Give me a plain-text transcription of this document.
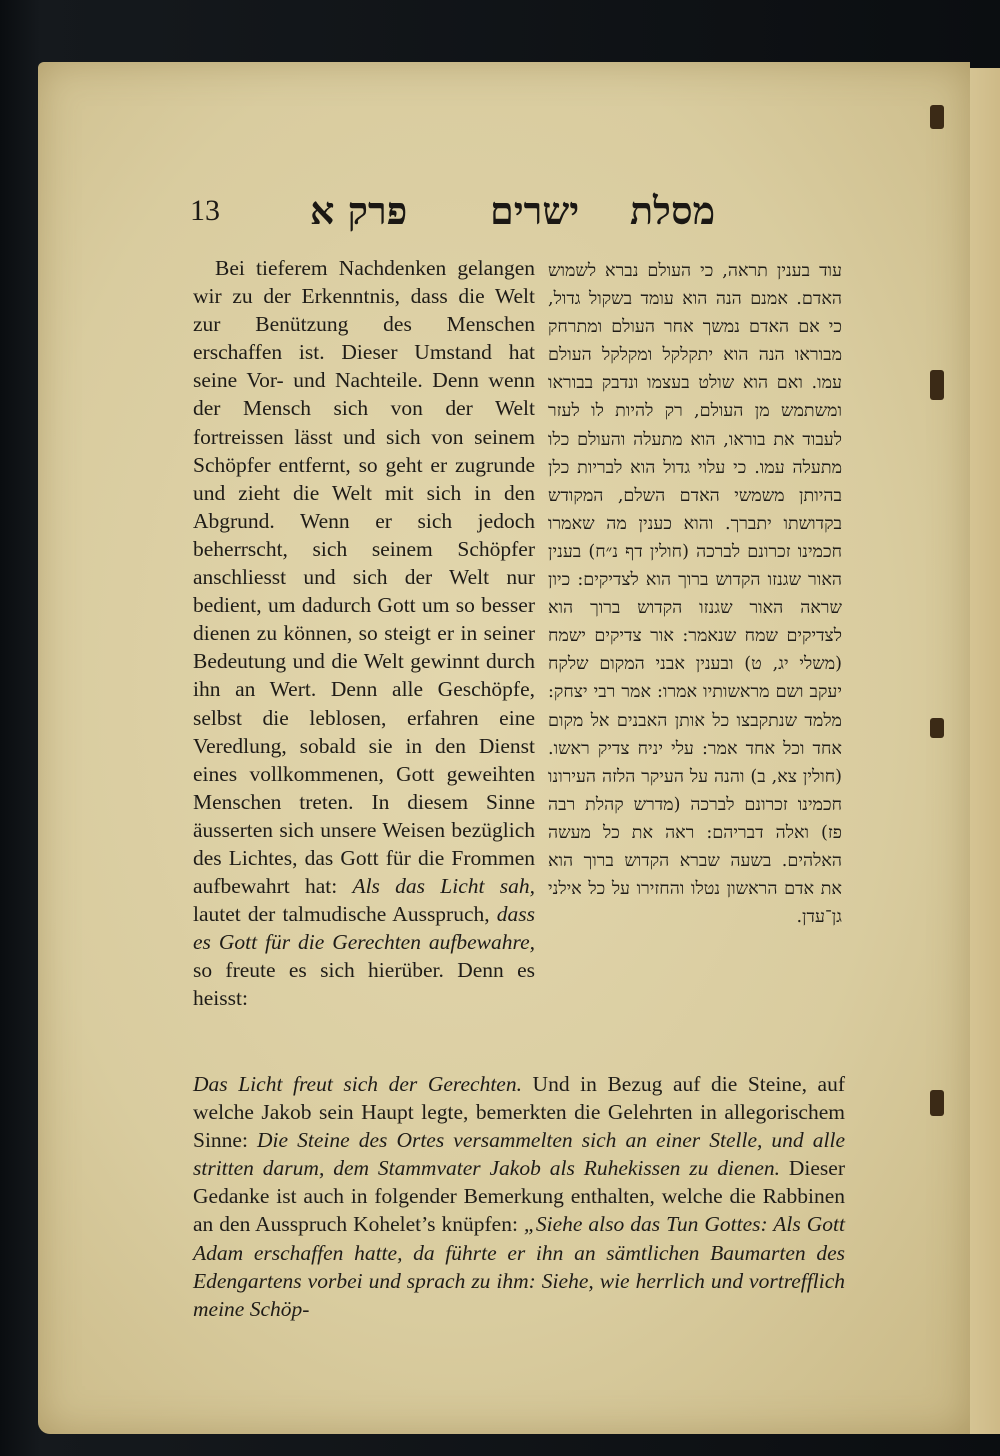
13 פרק א ישרים מסלת

Bei tieferem Nachdenken gelangen wir zu der Erkenntnis, dass die Welt zur Benützung des Menschen erschaffen ist. Dieser Umstand hat seine Vor- und Nachteile. Denn wenn der Mensch sich von der Welt fortreissen lässt und sich von seinem Schöpfer entfernt, so geht er zugrunde und zieht die Welt mit sich in den Abgrund. Wenn er sich jedoch beherrscht, sich seinem Schöpfer anschliesst und sich der Welt nur bedient, um dadurch Gott um so besser dienen zu können, so steigt er in seiner Bedeutung und die Welt gewinnt durch ihn an Wert. Denn alle Geschöpfe, selbst die leblosen, erfahren eine Veredlung, sobald sie in den Dienst eines vollkommenen, Gott geweihten Menschen treten. In diesem Sinne äusserten sich unsere Weisen bezüglich des Lichtes, das Gott für die Frommen aufbewahrt hat: Als das Licht sah, lautet der talmudische Ausspruch, dass es Gott für die Gerechten aufbewahre, so freute es sich hierüber. Denn es heisst:

עוד בענין תראה, כי העולם נברא לשמוש האדם. אמנם הנה הוא עומד בשקול גדול, כי אם האדם נמשך אחר העולם ומתרחק מבוראו הנה הוא יתקלקל ומקלקל העולם עמו. ואם הוא שולט בעצמו ונדבק בבוראו ומשתמש מן העולם, רק להיות לו לעזר לעבוד את בוראו, הוא מתעלה והעולם כלו מתעלה עמו. כי עלוי גדול הוא לבריות כלן בהיותן משמשי האדם השלם, המקודש בקדושתו יתברך. והוא כענין מה שאמרו חכמינו זכרונם לברכה (חולין דף נ״ח) בענין האור שגנזו הקדוש ברוך הוא לצדיקים: כיון שראה האור שגנזו הקדוש ברוך הוא לצדיקים שמח שנאמר: אור צדיקים ישמח (משלי יג, ט) ובענין אבני המקום שלקח יעקב ושם מראשותיו אמרו: אמר רבי יצחק: מלמד שנתקבצו כל אותן האבנים אל מקום אחד וכל אחד אמר: עלי יניח צדיק ראשו. (חולין צא, ב) והנה על העיקר הלזה העירונו חכמינו זכרונם לברכה (מדרש קהלת רבה פז) ואלה דבריהם: ראה את כל מעשה האלהים. בשעה שברא הקדוש ברוך הוא את אדם הראשון נטלו והחזירו על כל אילני גן־עדן.

Das Licht freut sich der Gerechten. Und in Bezug auf die Steine, auf welche Jakob sein Haupt legte, bemerkten die Gelehrten in allegorischem Sinne: Die Steine des Ortes versammelten sich an einer Stelle, und alle stritten darum, dem Stammvater Jakob als Ruhekissen zu dienen. Dieser Gedanke ist auch in folgender Bemerkung enthalten, welche die Rabbinen an den Ausspruch Kohelet’s knüpfen: „Siehe also das Tun Gottes: Als Gott Adam erschaffen hatte, da führte er ihn an sämtlichen Baumarten des Edengartens vorbei und sprach zu ihm: Siehe, wie herrlich und vortrefflich meine Schöp-
